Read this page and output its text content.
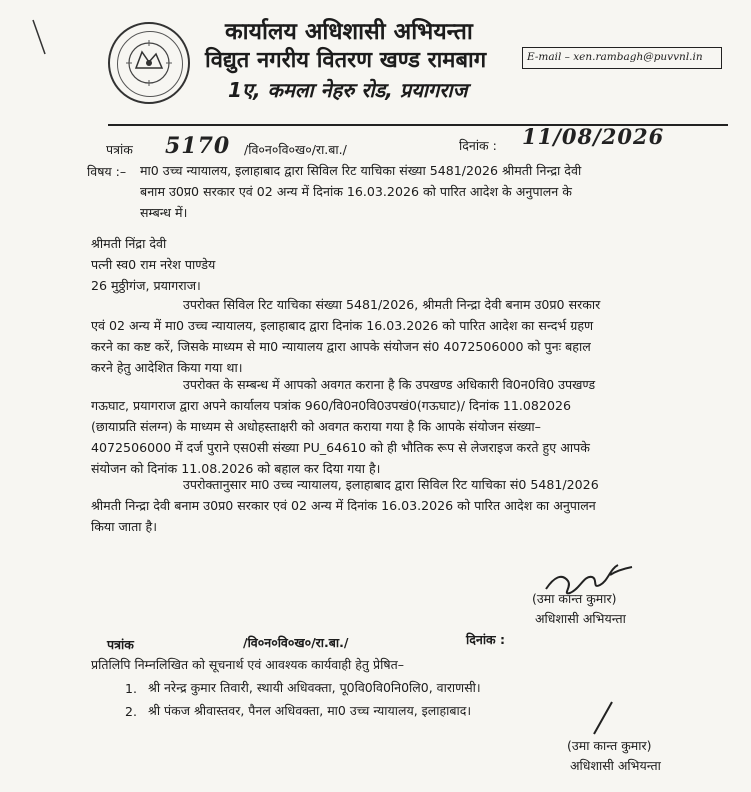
कार्यालय अधिशासी अभियन्ता
विद्युत नगरीय वितरण खण्ड रामबाग
1ए, कमला नेहरु रोड, प्रयागराज
E-mail – xen.rambagh@puvvnl.in
पत्रांक 5170 /वि०न०वि०ख०/रा.बा./	दिनांक : 11/08/2026
विषय :– मा0 उच्च न्यायालय, इलाहाबाद द्वारा सिविल रिट याचिका संख्या 5481/2026 श्रीमती निन्द्रा देवी
बनाम उ0प्र0 सरकार एवं 02 अन्य में दिनांक 16.03.2026 को पारित आदेश के अनुपालन के
सम्बन्ध में।
श्रीमती निंद्रा देवी
पत्नी स्व0 राम नरेश पाण्डेय
26 मुठ्ठीगंज, प्रयागराज।
उपरोक्त सिविल रिट याचिका संख्या 5481/2026, श्रीमती निन्द्रा देवी बनाम उ0प्र0 सरकार
एवं 02 अन्य में मा0 उच्च न्यायालय, इलाहाबाद द्वारा दिनांक 16.03.2026 को पारित आदेश का सन्दर्भ ग्रहण
करने का कष्ट करें, जिसके माध्यम से मा0 न्यायालय द्वारा आपके संयोजन सं0 4072506000 को पुनः बहाल
करने हेतु आदेशित किया गया था।
उपरोक्त के सम्बन्ध में आपको अवगत कराना है कि उपखण्ड अधिकारी वि0न0वि0 उपखण्ड
गऊघाट, प्रयागराज द्वारा अपने कार्यालय पत्रांक 960/वि0न0वि0उपखं0(गऊघाट)/ दिनांक 11.082026
(छायाप्रति संलग्न) के माध्यम से अधोहस्ताक्षरी को अवगत कराया गया है कि आपके संयोजन संख्या–
4072506000 में दर्ज पुराने एस0सी संख्या PU_64610 को ही भौतिक रूप से लेजराइज करते हुए आपके
संयोजन को दिनांक 11.08.2026 को बहाल कर दिया गया है।
उपरोक्तानुसार मा0 उच्च न्यायालय, इलाहाबाद द्वारा सिविल रिट याचिका सं0 5481/2026
श्रीमती निन्द्रा देवी बनाम उ0प्र0 सरकार एवं 02 अन्य में दिनांक 16.03.2026 को पारित आदेश का अनुपालन
किया जाता है।
(उमा कान्त कुमार)
अधिशासी अभियन्ता
पत्रांक	/वि०न०वि०ख०/रा.बा./	दिनांक :
प्रतिलिपि निम्नलिखित को सूचनार्थ एवं आवश्यक कार्यवाही हेतु प्रेषित–
1. श्री नरेन्द्र कुमार तिवारी, स्थायी अधिवक्ता, पू0वि0वि0नि0लि0, वाराणसी।
2. श्री पंकज श्रीवास्तवर, पैनल अधिवक्ता, मा0 उच्च न्यायालय, इलाहाबाद।
(उमा कान्त कुमार)
अधिशासी अभियन्ता
